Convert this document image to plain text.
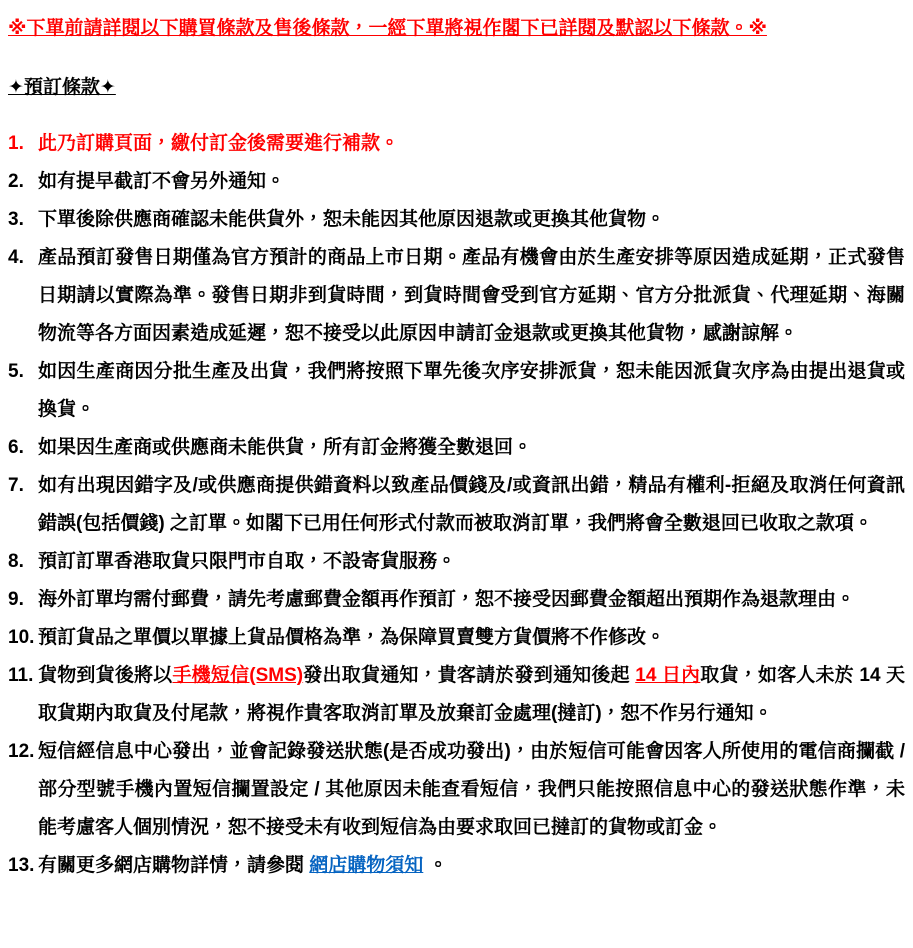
※下單前請詳閱以下購買條款及售後條款，一經下單將視作閣下已詳閱及默認以下條款。※
✦預訂條款✦
1. 此乃訂購頁面，繳付訂金後需要進行補款。
2. 如有提早截訂不會另外通知。
3. 下單後除供應商確認未能供貨外，恕未能因其他原因退款或更換其他貨物。
4. 產品預訂發售日期僅為官方預計的商品上市日期。產品有機會由於生產安排等原因造成延期，正式發售日期請以實際為準。發售日期非到貨時間，到貨時間會受到官方延期、官方分批派貨、代理延期、海關物流等各方面因素造成延遲，恕不接受以此原因申請訂金退款或更換其他貨物，感謝諒解。
5. 如因生產商因分批生產及出貨，我們將按照下單先後次序安排派貨，恕未能因派貨次序為由提出退貨或換貨。
6. 如果因生產商或供應商未能供貨，所有訂金將獲全數退回。
7. 如有出現因錯字及/或供應商提供錯資料以致產品價錢及/或資訊出錯，精品有權利-拒絕及取消任何資訊錯誤(包括價錢) 之訂單。如閣下已用任何形式付款而被取消訂單，我們將會全數退回已收取之款項。
8. 預訂訂單香港取貨只限門市自取，不設寄貨服務。
9. 海外訂單均需付郵費，請先考慮郵費金額再作預訂，恕不接受因郵費金額超出預期作為退款理由。
10. 預訂貨品之單價以單據上貨品價格為準，為保障買賣雙方貨價將不作修改。
11. 貨物到貨後將以手機短信(SMS)發出取貨通知，貴客請於發到通知後起 14 日內取貨，如客人未於 14 天取貨期內取貨及付尾款，將視作貴客取消訂單及放棄訂金處理(撻訂)，恕不作另行通知。
12. 短信經信息中心發出，並會記錄發送狀態(是否成功發出)，由於短信可能會因客人所使用的電信商攔截 / 部分型號手機內置短信攔置設定 / 其他原因未能查看短信，我們只能按照信息中心的發送狀態作準，未能考慮客人個別情況，恕不接受未有收到短信為由要求取回已撻訂的貨物或訂金。
13. 有關更多網店購物詳情，請參閱 網店購物須知 。
